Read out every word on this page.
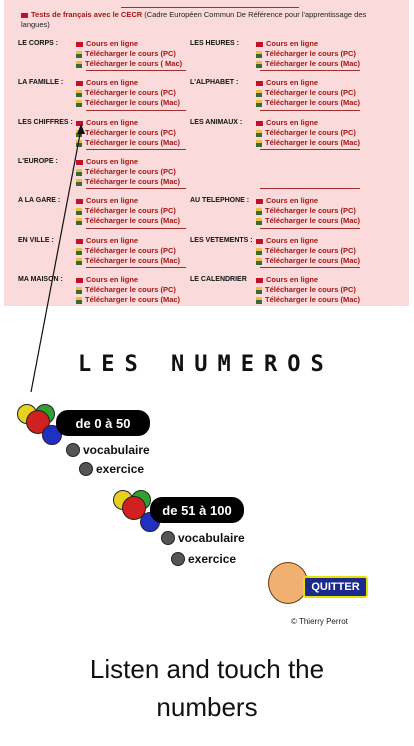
Tests de français avec le CECR (Cadre Européen Commun De Référence pour l'apprentissage des langues)
LE CORPS :	Cours en ligne
Télécharger le cours (PC)
Télécharger le cours ( Mac)
LES HEURES :	Cours en ligne
Télécharger le cours (PC)
Télécharger le cours (Mac)
LA FAMILLE :	Cours en ligne
Télécharger le cours (PC)
Télécharger le cours (Mac)
L'ALPHABET :	Cours en ligne
Télécharger le cours (PC)
Télécharger le cours (Mac)
LES CHIFFRES :	Cours en ligne
Télécharger le cours (PC)
Télécharger le cours (Mac)
LES ANIMAUX :	Cours en ligne
Télécharger le cours (PC)
Télécharger le cours (Mac)
L'EUROPE :	Cours en ligne
Télécharger le cours (PC)
Télécharger le cours (Mac)
A LA GARE :	Cours en ligne
Télécharger le cours (PC)
Télécharger le cours (Mac)
AU TELEPHONE :	Cours en ligne
Télécharger le cours (PC)
Télécharger le cours (Mac)
EN VILLE :	Cours en ligne
Télécharger le cours (PC)
Télécharger le cours (Mac)
LES VETEMENTS :	Cours en ligne
Télécharger le cours (PC)
Télécharger le cours (Mac)
MA MAISON :	Cours en ligne
Télécharger le cours (PC)
Télécharger le cours (Mac)
LE CALENDRIER	Cours en ligne
Télécharger le cours (PC)
Télécharger le cours (Mac)
LES NUMEROS
de 0 à 50
vocabulaire
exercice
de 51 à 100
vocabulaire
exercice
QUITTER
© Thierry Perrot
Listen and touch the
numbers
